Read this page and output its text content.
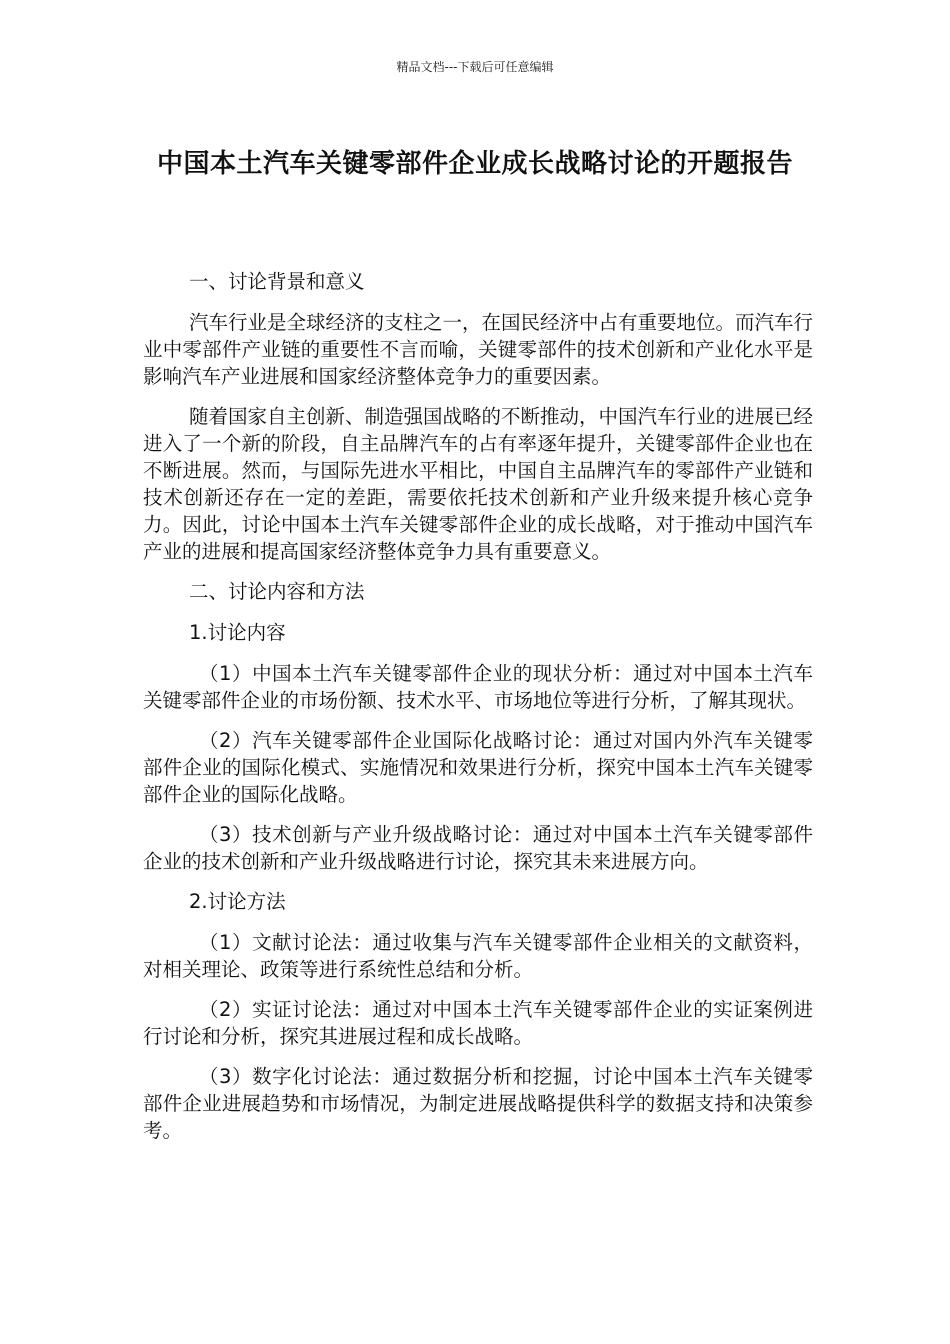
精品文档---下载后可任意编辑
中国本土汽车关键零部件企业成长战略讨论的开题报告

一、讨论背景和意义

汽车行业是全球经济的支柱之一，在国民经济中占有重要地位。而汽车行业中零部件产业链的重要性不言而喻，关键零部件的技术创新和产业化水平是影响汽车产业进展和国家经济整体竞争力的重要因素。

随着国家自主创新、制造强国战略的不断推动，中国汽车行业的进展已经进入了一个新的阶段，自主品牌汽车的占有率逐年提升，关键零部件企业也在不断进展。然而，与国际先进水平相比，中国自主品牌汽车的零部件产业链和技术创新还存在一定的差距，需要依托技术创新和产业升级来提升核心竞争力。因此，讨论中国本土汽车关键零部件企业的成长战略，对于推动中国汽车产业的进展和提高国家经济整体竞争力具有重要意义。

二、讨论内容和方法

1.讨论内容

（1）中国本土汽车关键零部件企业的现状分析：通过对中国本土汽车关键零部件企业的市场份额、技术水平、市场地位等进行分析，了解其现状。

（2）汽车关键零部件企业国际化战略讨论：通过对国内外汽车关键零部件企业的国际化模式、实施情况和效果进行分析，探究中国本土汽车关键零部件企业的国际化战略。

（3）技术创新与产业升级战略讨论：通过对中国本土汽车关键零部件企业的技术创新和产业升级战略进行讨论，探究其未来进展方向。

2.讨论方法

（1）文献讨论法：通过收集与汽车关键零部件企业相关的文献资料，对相关理论、政策等进行系统性总结和分析。

（2）实证讨论法：通过对中国本土汽车关键零部件企业的实证案例进行讨论和分析，探究其进展过程和成长战略。

（3）数字化讨论法：通过数据分析和挖掘，讨论中国本土汽车关键零部件企业进展趋势和市场情况，为制定进展战略提供科学的数据支持和决策参考。
